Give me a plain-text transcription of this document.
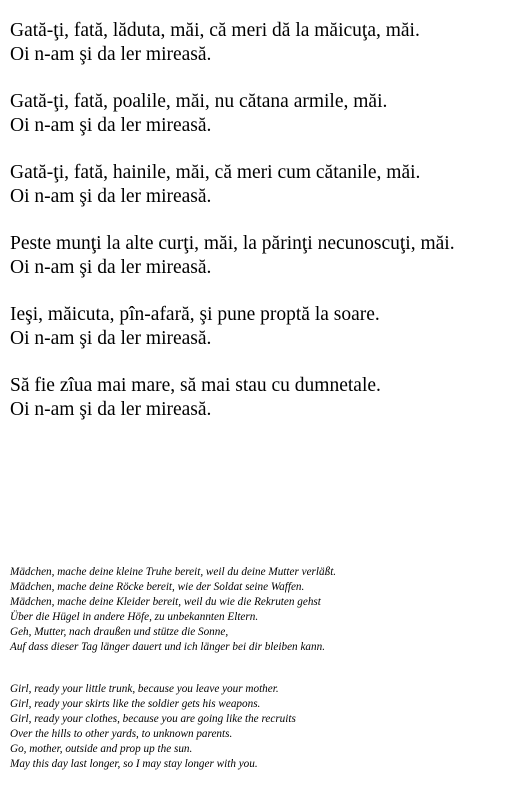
Gată-ţi, fată, lăduta, măi, că meri dă la măicuţa, măi.
Oi n-am şi da ler mireasă.
Gată-ţi, fată, poalile, măi, nu cătana armile, măi.
Oi n-am şi da ler mireasă.
Gată-ţi, fată, hainile, măi, că meri cum cătanile, măi.
Oi n-am şi da ler mireasă.
Peste munţi la alte curţi, măi, la părinţi necunoscuţi, măi.
Oi n-am şi da ler mireasă.
Ieşi, măicuta, pîn-afară, şi pune proptă la soare.
Oi n-am şi da ler mireasă.
Să fie zîua mai mare, să mai stau cu dumnetale.
Oi n-am şi da ler mireasă.
Mädchen, mache deine kleine Truhe bereit, weil du deine Mutter verläßt.
Mädchen, mache deine Röcke bereit, wie der Soldat seine Waffen.
Mädchen, mache deine Kleider bereit, weil du wie die Rekruten gehst
Über die Hügel in andere Höfe, zu unbekannten Eltern.
Geh, Mutter, nach draußen und stütze die Sonne,
Auf dass dieser Tag länger dauert und ich länger bei dir bleiben kann.
Girl, ready your little trunk, because you leave your mother.
Girl, ready your skirts like the soldier gets his weapons.
Girl, ready your clothes, because you are going like the recruits
Over the hills to other yards, to unknown parents.
Go, mother, outside and prop up the sun.
May this day last longer, so I may stay longer with you.
